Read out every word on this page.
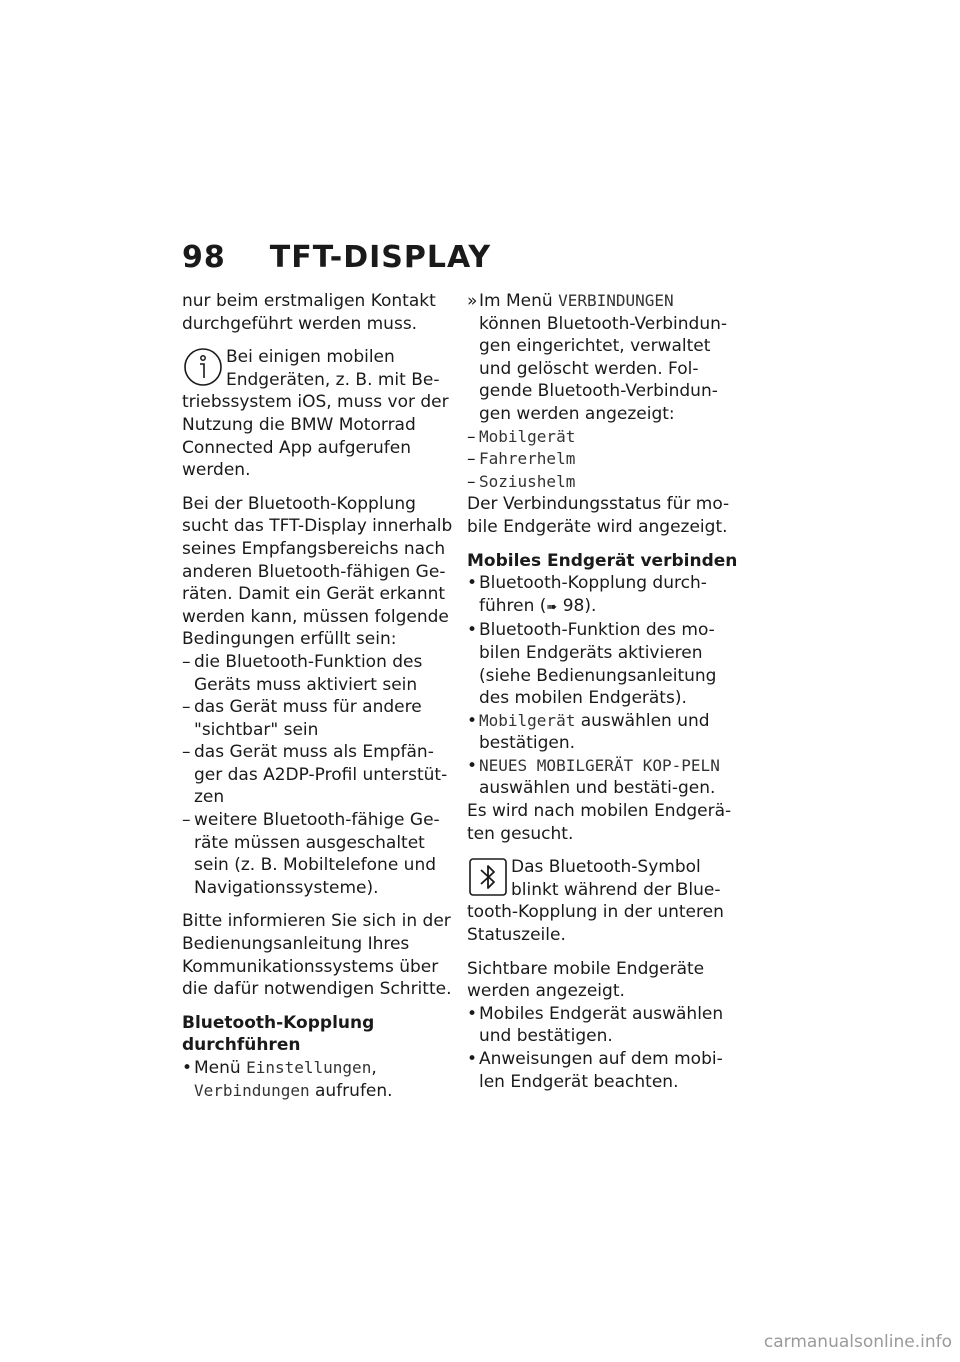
98 TFT-DISPLAY

nur beim erstmaligen Kontakt durchgeführt werden muss.

Bei einigen mobilen Endgeräten, z. B. mit Be-triebssystem iOS, muss vor der Nutzung die BMW Motorrad Connected App aufgerufen werden.

Bei der Bluetooth-Kopplung sucht das TFT-Display innerhalb seines Empfangsbereichs nach anderen Bluetooth-fähigen Ge-räten. Damit ein Gerät erkannt werden kann, müssen folgende Bedingungen erfüllt sein:

– die Bluetooth-Funktion des Geräts muss aktiviert sein
– das Gerät muss für andere "sichtbar" sein
– das Gerät muss als Empfän-ger das A2DP-Profil unterstüt-zen
– weitere Bluetooth-fähige Ge-räte müssen ausgeschaltet sein (z. B. Mobiltelefone und Navigationssysteme).

Bitte informieren Sie sich in der Bedienungsanleitung Ihres Kommunikationssystems über die dafür notwendigen Schritte.

Bluetooth-Kopplung durchführen

• Menü Einstellungen, Verbindungen aufrufen.
» Im Menü VERBINDUNGEN können Bluetooth-Verbindun-gen eingerichtet, verwaltet und gelöscht werden. Fol-gende Bluetooth-Verbindun-gen werden angezeigt:
– Mobilgerät
– Fahrerhelm
– Soziushelm

Der Verbindungsstatus für mo-bile Endgeräte wird angezeigt.

Mobiles Endgerät verbinden

• Bluetooth-Kopplung durch-führen (➠ 98).
• Bluetooth-Funktion des mo-bilen Endgeräts aktivieren (siehe Bedienungsanleitung des mobilen Endgeräts).
• Mobilgerät auswählen und bestätigen.
• NEUES MOBILGERÄT KOP-PELN auswählen und bestäti-gen.

Es wird nach mobilen Endgerä-ten gesucht.

Das Bluetooth-Symbol blinkt während der Blue-tooth-Kopplung in der unteren Statuszeile.

Sichtbare mobile Endgeräte werden angezeigt.

• Mobiles Endgerät auswählen und bestätigen.
• Anweisungen auf dem mobi-len Endgerät beachten.
carmanualsonline.info
